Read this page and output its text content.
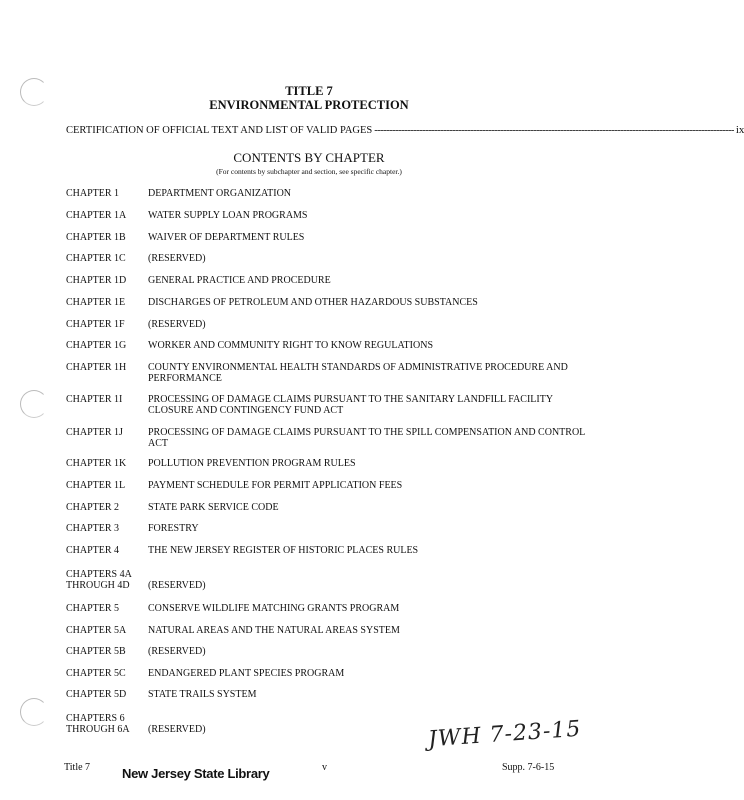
TITLE 7
ENVIRONMENTAL PROTECTION
CERTIFICATION OF OFFICIAL TEXT AND LIST OF VALID PAGES ------------------------------------------------------------------------------------------------------------------------ ix
CONTENTS BY CHAPTER
(For contents by subchapter and section, see specific chapter.)
CHAPTER 1	DEPARTMENT ORGANIZATION
CHAPTER 1A	WATER SUPPLY LOAN PROGRAMS
CHAPTER 1B	WAIVER OF DEPARTMENT RULES
CHAPTER 1C	(RESERVED)
CHAPTER 1D	GENERAL PRACTICE AND PROCEDURE
CHAPTER 1E	DISCHARGES OF PETROLEUM AND OTHER HAZARDOUS SUBSTANCES
CHAPTER 1F	(RESERVED)
CHAPTER 1G	WORKER AND COMMUNITY RIGHT TO KNOW REGULATIONS
CHAPTER 1H	COUNTY ENVIRONMENTAL HEALTH STANDARDS OF ADMINISTRATIVE PROCEDURE AND PERFORMANCE
CHAPTER 1I	PROCESSING OF DAMAGE CLAIMS PURSUANT TO THE SANITARY LANDFILL FACILITY CLOSURE AND CONTINGENCY FUND ACT
CHAPTER 1J	PROCESSING OF DAMAGE CLAIMS PURSUANT TO THE SPILL COMPENSATION AND CONTROL ACT
CHAPTER 1K	POLLUTION PREVENTION PROGRAM RULES
CHAPTER 1L	PAYMENT SCHEDULE FOR PERMIT APPLICATION FEES
CHAPTER 2	STATE PARK SERVICE CODE
CHAPTER 3	FORESTRY
CHAPTER 4	THE NEW JERSEY REGISTER OF HISTORIC PLACES RULES
CHAPTERS 4A THROUGH 4D	(RESERVED)
CHAPTER 5	CONSERVE WILDLIFE MATCHING GRANTS PROGRAM
CHAPTER 5A	NATURAL AREAS AND THE NATURAL AREAS SYSTEM
CHAPTER 5B	(RESERVED)
CHAPTER 5C	ENDANGERED PLANT SPECIES PROGRAM
CHAPTER 5D	STATE TRAILS SYSTEM
CHAPTERS 6 THROUGH 6A	(RESERVED)	JWH 7-23-15
Title 7 New Jersey State Library	v	Supp. 7-6-15
